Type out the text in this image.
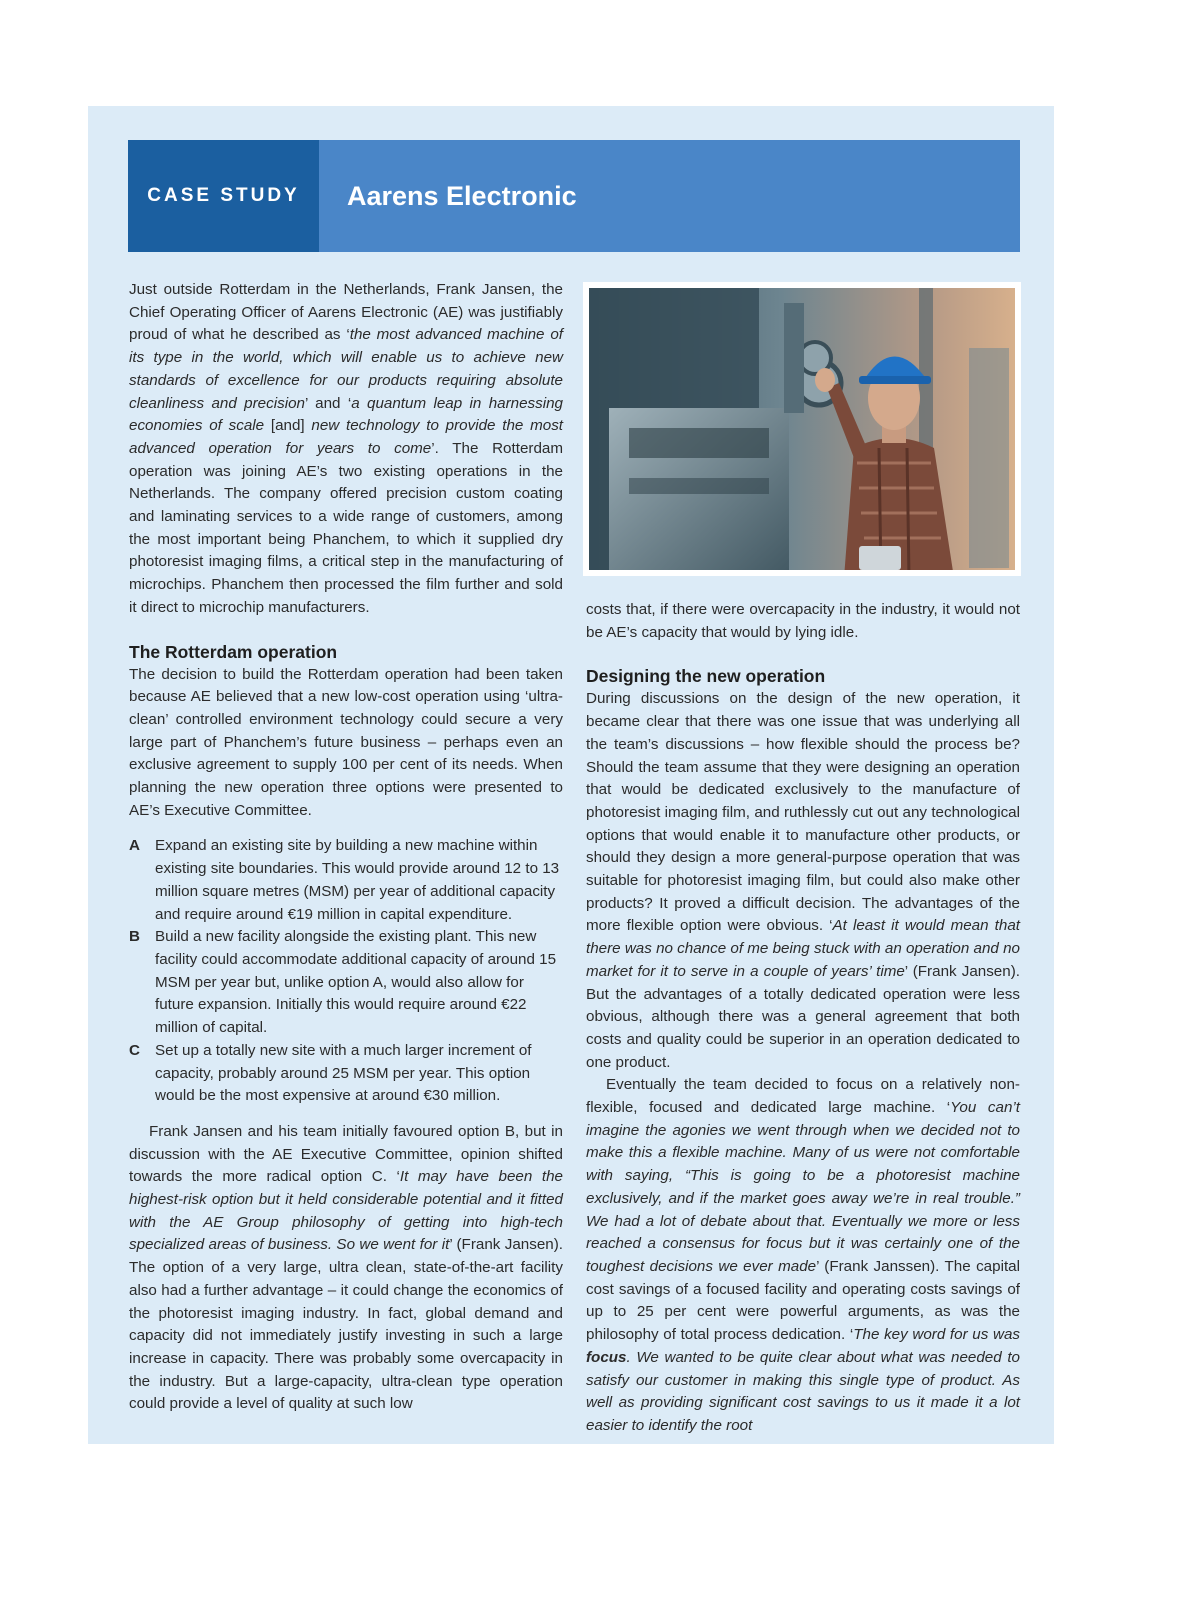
CASE STUDY	Aarens Electronic

Just outside Rotterdam in the Netherlands, Frank Jansen, the Chief Operating Officer of Aarens Electronic (AE) was justifiably proud of what he described as ‘the most advanced machine of its type in the world, which will enable us to achieve new standards of excellence for our products requiring absolute cleanliness and precision’ and ‘a quantum leap in harnessing economies of scale [and] new technology to provide the most advanced operation for years to come’. The Rotterdam operation was joining AE’s two existing operations in the Netherlands. The company offered precision custom coating and laminating services to a wide range of customers, among the most important being Phanchem, to which it supplied dry photoresist imaging films, a critical step in the manufacturing of microchips. Phanchem then processed the film further and sold it direct to microchip manufacturers.

The Rotterdam operation

The decision to build the Rotterdam operation had been taken because AE believed that a new low-cost operation using ‘ultra-clean’ controlled environment technology could secure a very large part of Phanchem’s future business – perhaps even an exclusive agreement to supply 100 per cent of its needs. When planning the new operation three options were presented to AE’s Executive Committee.

A Expand an existing site by building a new machine within existing site boundaries. This would provide around 12 to 13 million square metres (MSM) per year of additional capacity and require around €19 million in capital expenditure.
B Build a new facility alongside the existing plant. This new facility could accommodate additional capacity of around 15 MSM per year but, unlike option A, would also allow for future expansion. Initially this would require around €22 million of capital.
C Set up a totally new site with a much larger increment of capacity, probably around 25 MSM per year. This option would be the most expensive at around €30 million.

Frank Jansen and his team initially favoured option B, but in discussion with the AE Executive Committee, opinion shifted towards the more radical option C. ‘It may have been the highest-risk option but it held considerable potential and it fitted with the AE Group philosophy of getting into high-tech specialized areas of business. So we went for it’ (Frank Jansen). The option of a very large, ultra clean, state-of-the-art facility also had a further advantage – it could change the economics of the photoresist imaging industry. In fact, global demand and capacity did not immediately justify investing in such a large increase in capacity. There was probably some overcapacity in the industry. But a large-capacity, ultra-clean type operation could provide a level of quality at such low

costs that, if there were overcapacity in the industry, it would not be AE’s capacity that would by lying idle.

Designing the new operation

During discussions on the design of the new operation, it became clear that there was one issue that was underlying all the team’s discussions – how flexible should the process be? Should the team assume that they were designing an operation that would be dedicated exclusively to the manufacture of photoresist imaging film, and ruthlessly cut out any technological options that would enable it to manufacture other products, or should they design a more general-purpose operation that was suitable for photoresist imaging film, but could also make other products? It proved a difficult decision. The advantages of the more flexible option were obvious. ‘At least it would mean that there was no chance of me being stuck with an operation and no market for it to serve in a couple of years’ time’ (Frank Jansen). But the advantages of a totally dedicated operation were less obvious, although there was a general agreement that both costs and quality could be superior in an operation dedicated to one product.

Eventually the team decided to focus on a relatively non-flexible, focused and dedicated large machine. ‘You can’t imagine the agonies we went through when we decided not to make this a flexible machine. Many of us were not comfortable with saying, “This is going to be a photoresist machine exclusively, and if the market goes away we’re in real trouble.” We had a lot of debate about that. Eventually we more or less reached a consensus for focus but it was certainly one of the toughest decisions we ever made’ (Frank Janssen). The capital cost savings of a focused facility and operating costs savings of up to 25 per cent were powerful arguments, as was the philosophy of total process dedication. ‘The key word for us was focus. We wanted to be quite clear about what was needed to satisfy our customer in making this single type of product. As well as providing significant cost savings to us it made it a lot easier to identify the root
